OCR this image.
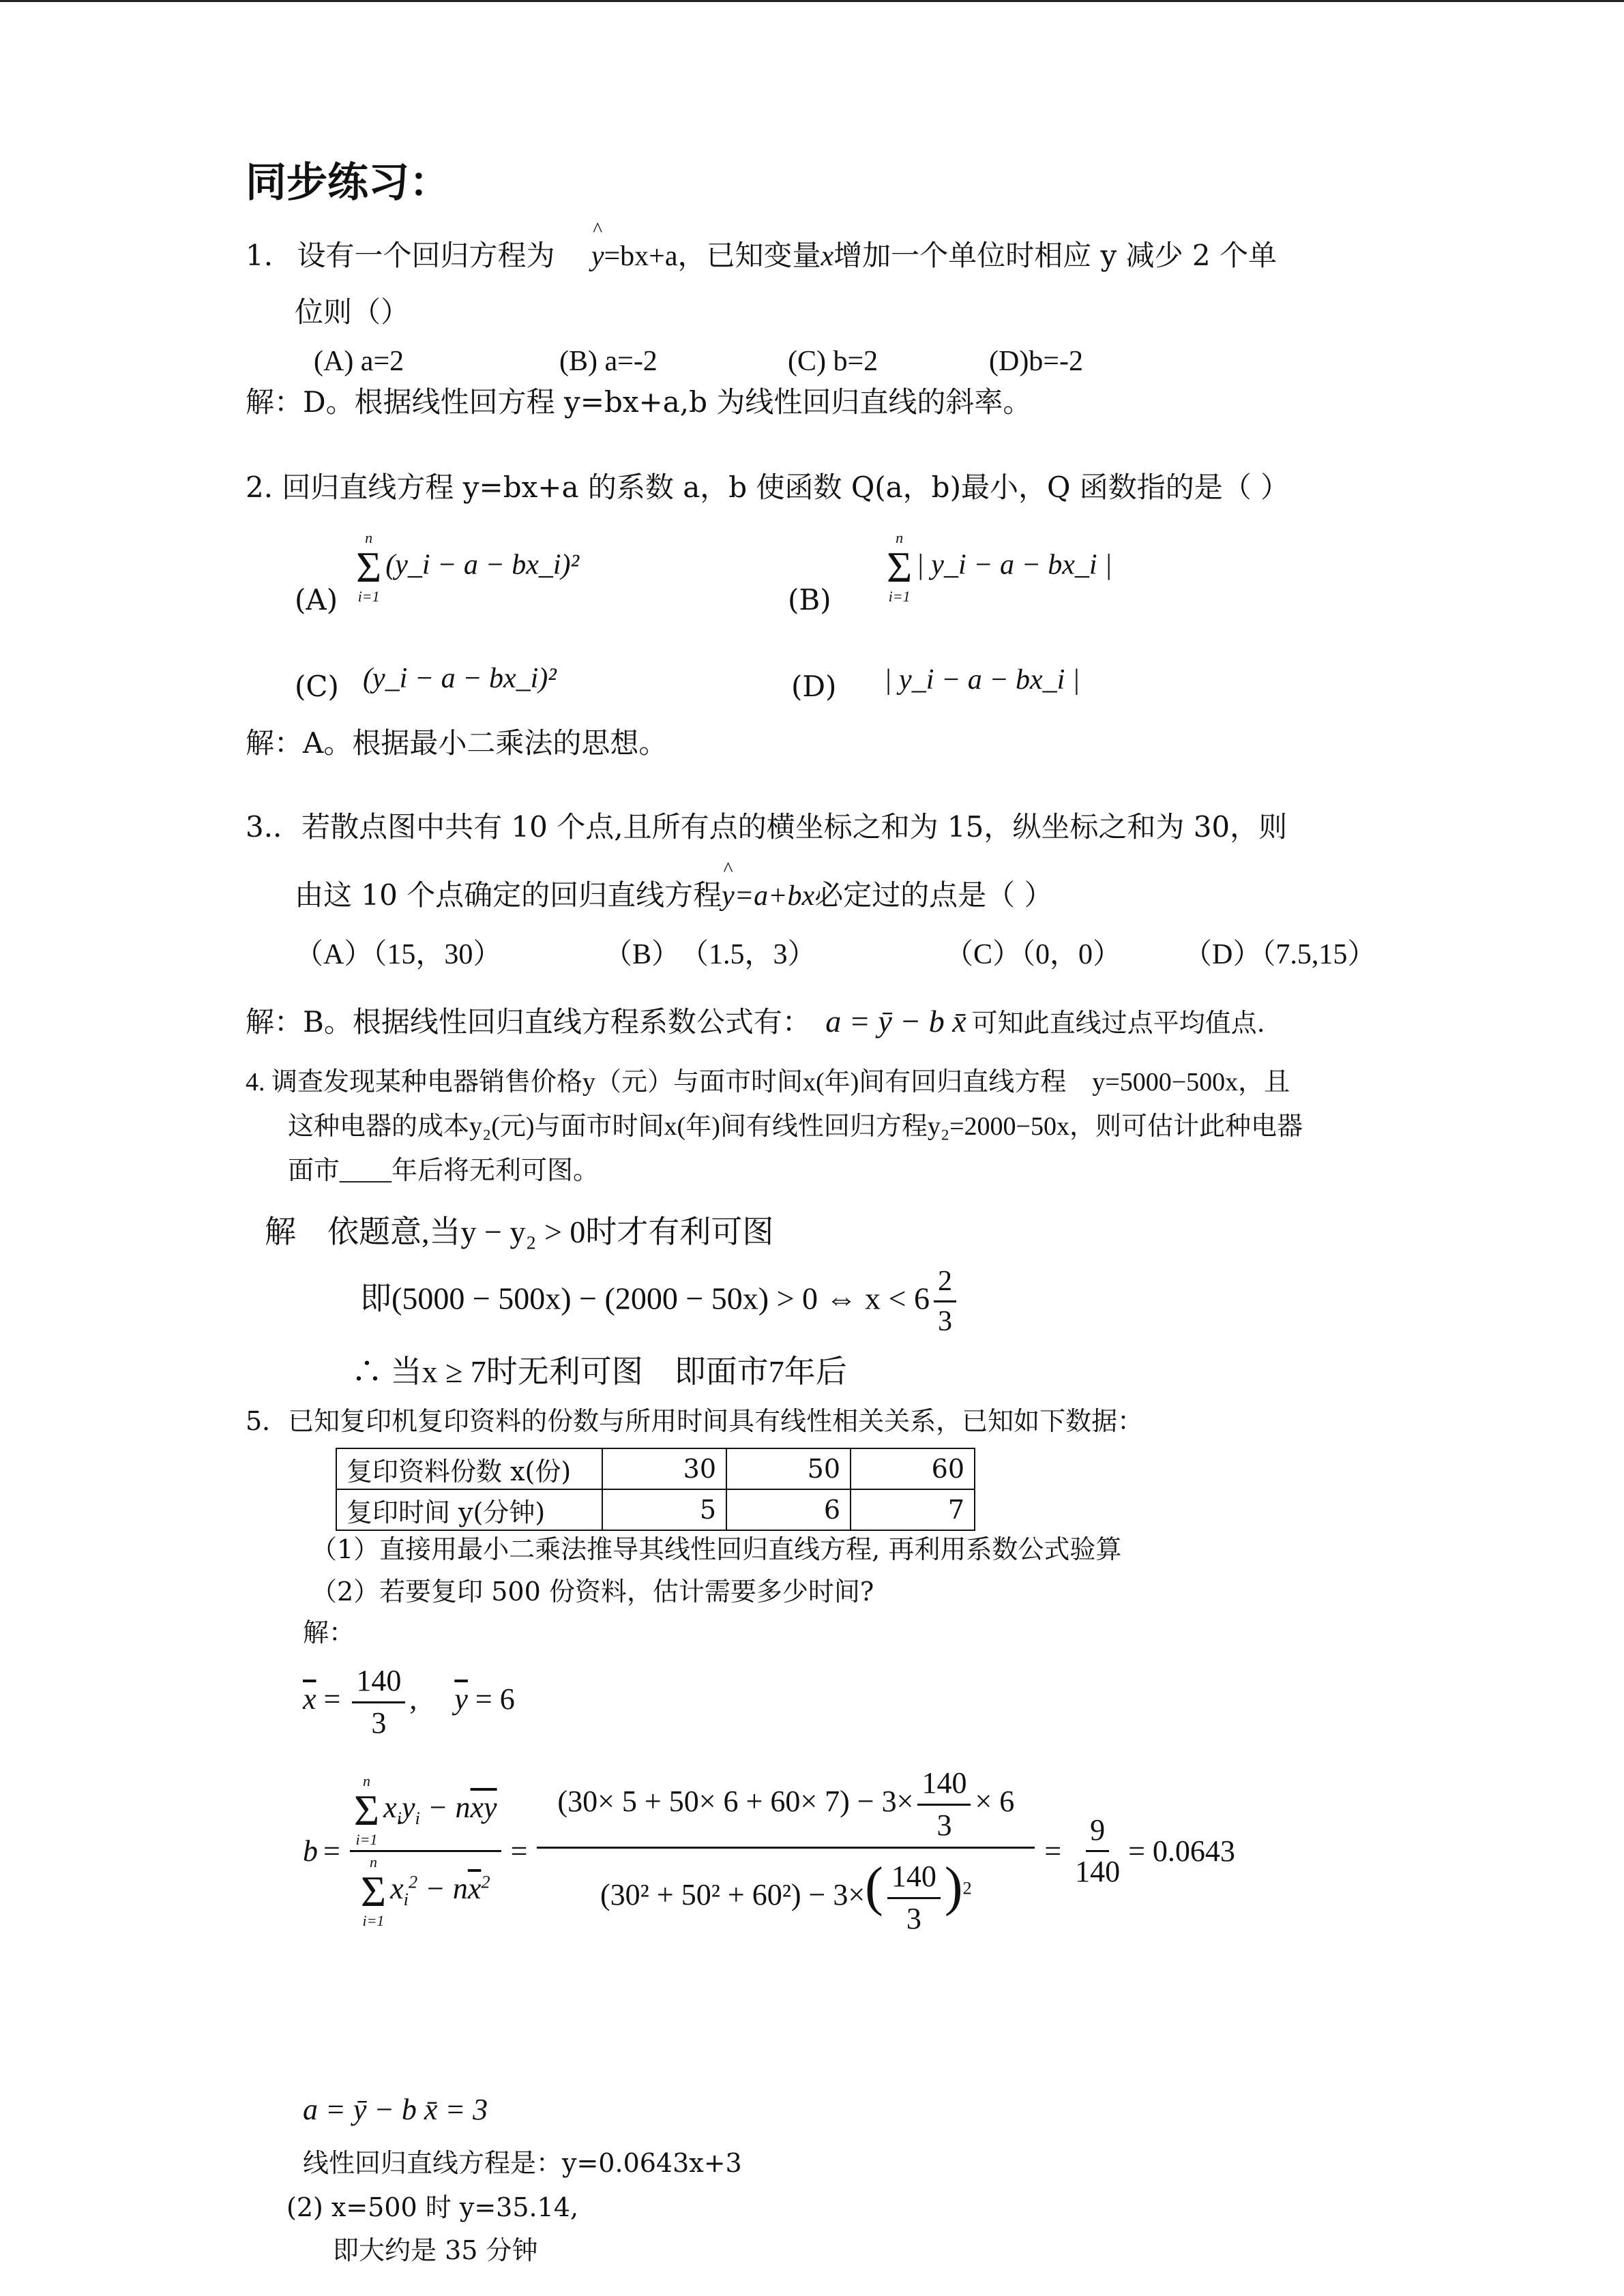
同步练习：
1. 设有一个回归方程为 ^ y=bx+a，已知变量x增加一个单位时相应 y 减少 2 个单
位则（）
(A) a=2	(B) a=-2	(C) b=2	(D)b=-2
解：D。根据线性回方程 y=bx+a,b 为线性回归直线的斜率。
2. 回归直线方程 y=bx+a 的系数 a，b 使函数 Q(a，b)最小，Q 函数指的是（ ）
(A)
n
Σ
i=1
(y_i − a − bx_i)²
(B)
n
Σ
i=1
| y_i − a − bx_i |
(C) (y_i − a − bx_i)²	(D) | y_i − a − bx_i |
解：A。根据最小二乘法的思想。
3.．若散点图中共有 10 个点,且所有点的横坐标之和为 15，纵坐标之和为 30，则
由这 10 个点确定的回归直线方程^ y=a+bx必定过的点是（ ）
（A）（15，30）	（B）　（1.5，3）	（C）（0，0） （D）（7.5,15）
解：B。根据线性回归直线方程系数公式有： a = ȳ − b x̄ 可知此直线过点平均值点.
4. 调查发现某种电器销售价格y（元）与面市时间x(年)间有回归直线方程　y=5000−500x，且
这种电器的成本y₂(元)与面市时间x(年)间有线性回归方程y₂=2000−50x，则可估计此种电器
面市____年后将无利可图。
解　依题意,当y − y₂ > 0时才有利可图
即(5000 − 500x) − (2000 − 50x) > 0 ⇔ $x < 6 \frac{2}{3}$
∴ 当x ≥ 7时无利可图　即面市7年后
5．已知复印机复印资料的份数与所用时间具有线性相关关系，已知如下数据：
复印资料份数 x(份)	30	50	60
复印时间 y(分钟)	5	6	7
（1）直接用最小二乘法推导其线性回归直线方程, 再利用系数公式验算
（2）若要复印 500 份资料，估计需要多少时间?
解：
$\overline{x} = \frac{140}{3}$ ,　 $\overline{y} = 6$
b = n
Σ
i=1
$x_iy_i - n\overline{xy}$
n
Σ
i=1
$x_i^2 - n\overline{x}^2 = \frac{(30\times 5 + 50\times 6 + 60\times 7) - 3\times \frac{140}{3} \times 6}{(30^2 + 50^2 + 60^2) - 3\times( \frac{140}{3} )^2} = \frac{9}{140} = 0.0643$
a = ȳ − b x̄ = 3
线性回归直线方程是：y=0.0643x+3
(2) x=500 时 y=35.14,
即大约是 35 分钟
